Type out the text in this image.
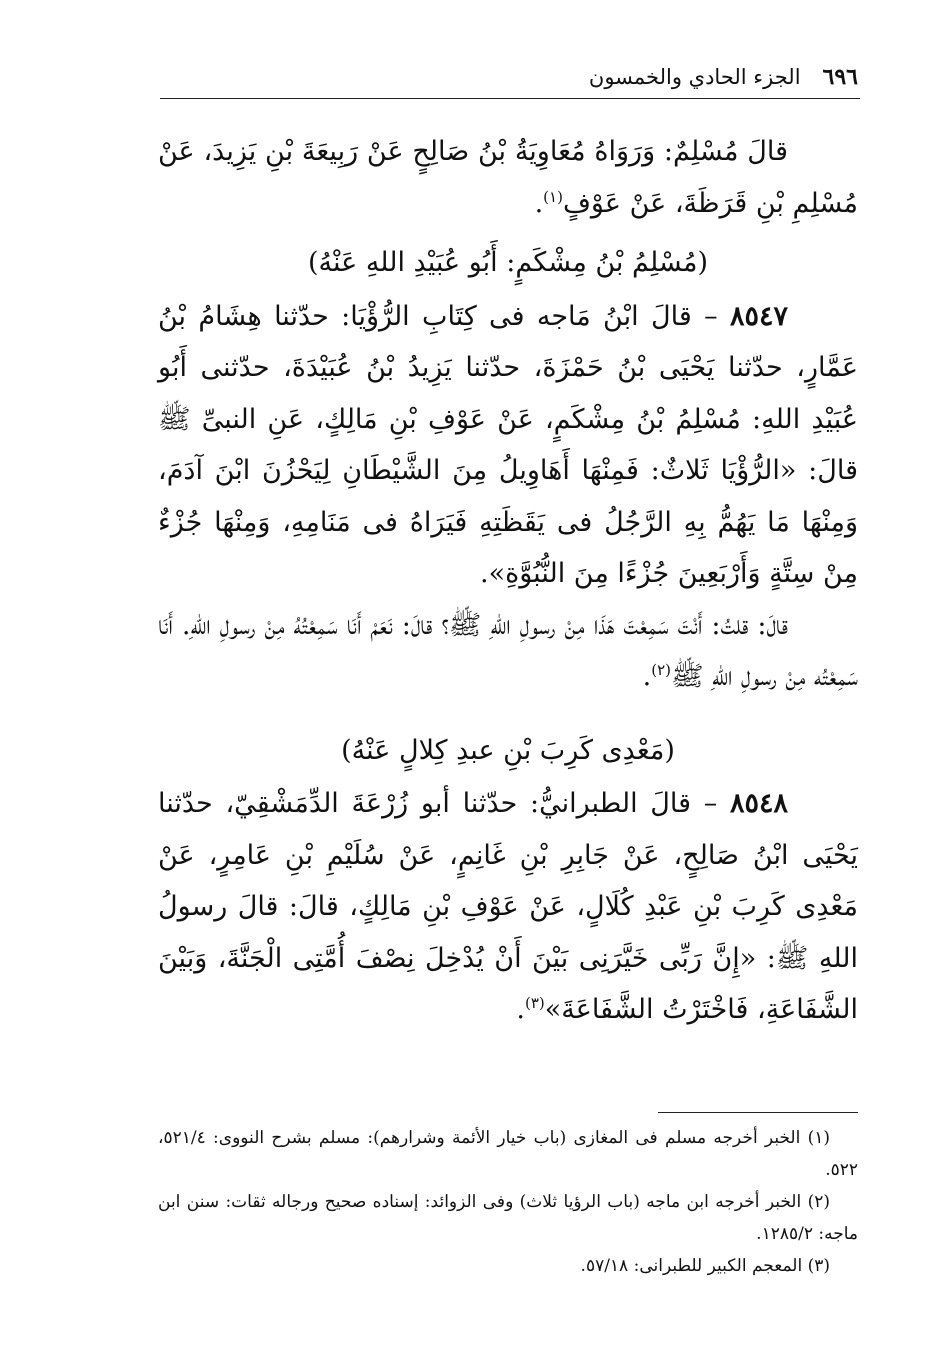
٦٩٦
الجزء الحادي والخمسون

قالَ مُسْلِمٌ: وَرَوَاهُ مُعَاوِيَةُ بْنُ صَالِحٍ عَنْ رَبِيعَةَ بْنِ يَزِيدَ، عَنْ مُسْلِمِ بْنِ قَرَظَةَ، عَنْ عَوْفٍ$^{(١)}$.

(مُسْلِمُ بْنُ مِشْكَمٍ: أَبُو عُبَيْدِ اللهِ عَنْهُ)

٨٥٤٧ – قالَ ابْنُ مَاجه فى كِتَابِ الرُّؤْيَا: حدّثنا هِشَامُ بْنُ عَمَّارٍ، حدّثنا يَحْيَى بْنُ حَمْزَةَ، حدّثنا يَزِيدُ بْنُ عُبَيْدَةَ، حدّثنى أَبُو عُبَيْدِ اللهِ: مُسْلِمُ بْنُ مِشْكَمٍ، عَنْ عَوْفِ بْنِ مَالِكٍ، عَنِ النبىِّ ﷺ قالَ: «الرُّؤْيَا ثَلاثٌ: فَمِنْهَا أَهَاوِيلُ مِنَ الشَّيْطَانِ لِيَحْزُنَ ابْنَ آدَمَ، وَمِنْهَا مَا يَهُمُّ بِهِ الرَّجُلُ فى يَقَظَتِهِ فَيَرَاهُ فى مَنَامِهِ، وَمِنْهَا جُزْءٌ مِنْ سِتَّةٍ وَأَرْبَعِينَ جُزْءًا مِنَ النُّبُوَّةِ».

قالَ: قلتُ: أَنْتَ سَمِعْتَ هَذَا مِنْ رسولِ اللهِ ﷺ؟ قالَ: نَعَمْ أَنَا سَمِعْتُهُ مِنْ رسولِ اللهِ. أَنَا سَمِعْتُه مِنْ رسولِ اللهِ ﷺ$^{(٢)}$.

(مَعْدِى كَرِبَ بْنِ عبدِ كِلالٍ عَنْهُ)

٨٥٤٨ – قالَ الطبرانيُّ: حدّثنا أبو زُرْعَةَ الدِّمَشْقِيّ، حدّثنا يَحْيَى ابْنُ صَالِحٍ، عَنْ جَابِرِ بْنِ غَانِمٍ، عَنْ سُلَيْمِ بْنِ عَامِرٍ، عَنْ مَعْدِى كَرِبَ بْنِ عَبْدِ كُلَالٍ، عَنْ عَوْفِ بْنِ مَالِكٍ، قالَ: قالَ رسولُ اللهِ ﷺ: «إِنَّ رَبِّى خَيَّرَنِى بَيْنَ أَنْ يُدْخِلَ نِصْفَ أُمَّتِى الْجَنَّةَ، وَبَيْنَ الشَّفَاعَةِ، فَاخْتَرْتُ الشَّفَاعَةَ»$^{(٣)}$.

(١) الخبر أخرجه مسلم فى المغازى (باب خيار الأئمة وشرارهم): مسلم بشرح النووى: ٥٢١/٤، ٥٢٢.

(٢) الخبر أخرجه ابن ماجه (باب الرؤيا ثلاث) وفى الزوائد: إسناده صحيح ورجاله ثقات: سنن ابن ماجه: ١٢٨٥/٢.

(٣) المعجم الكبير للطبرانى: ٥٧/١٨.
